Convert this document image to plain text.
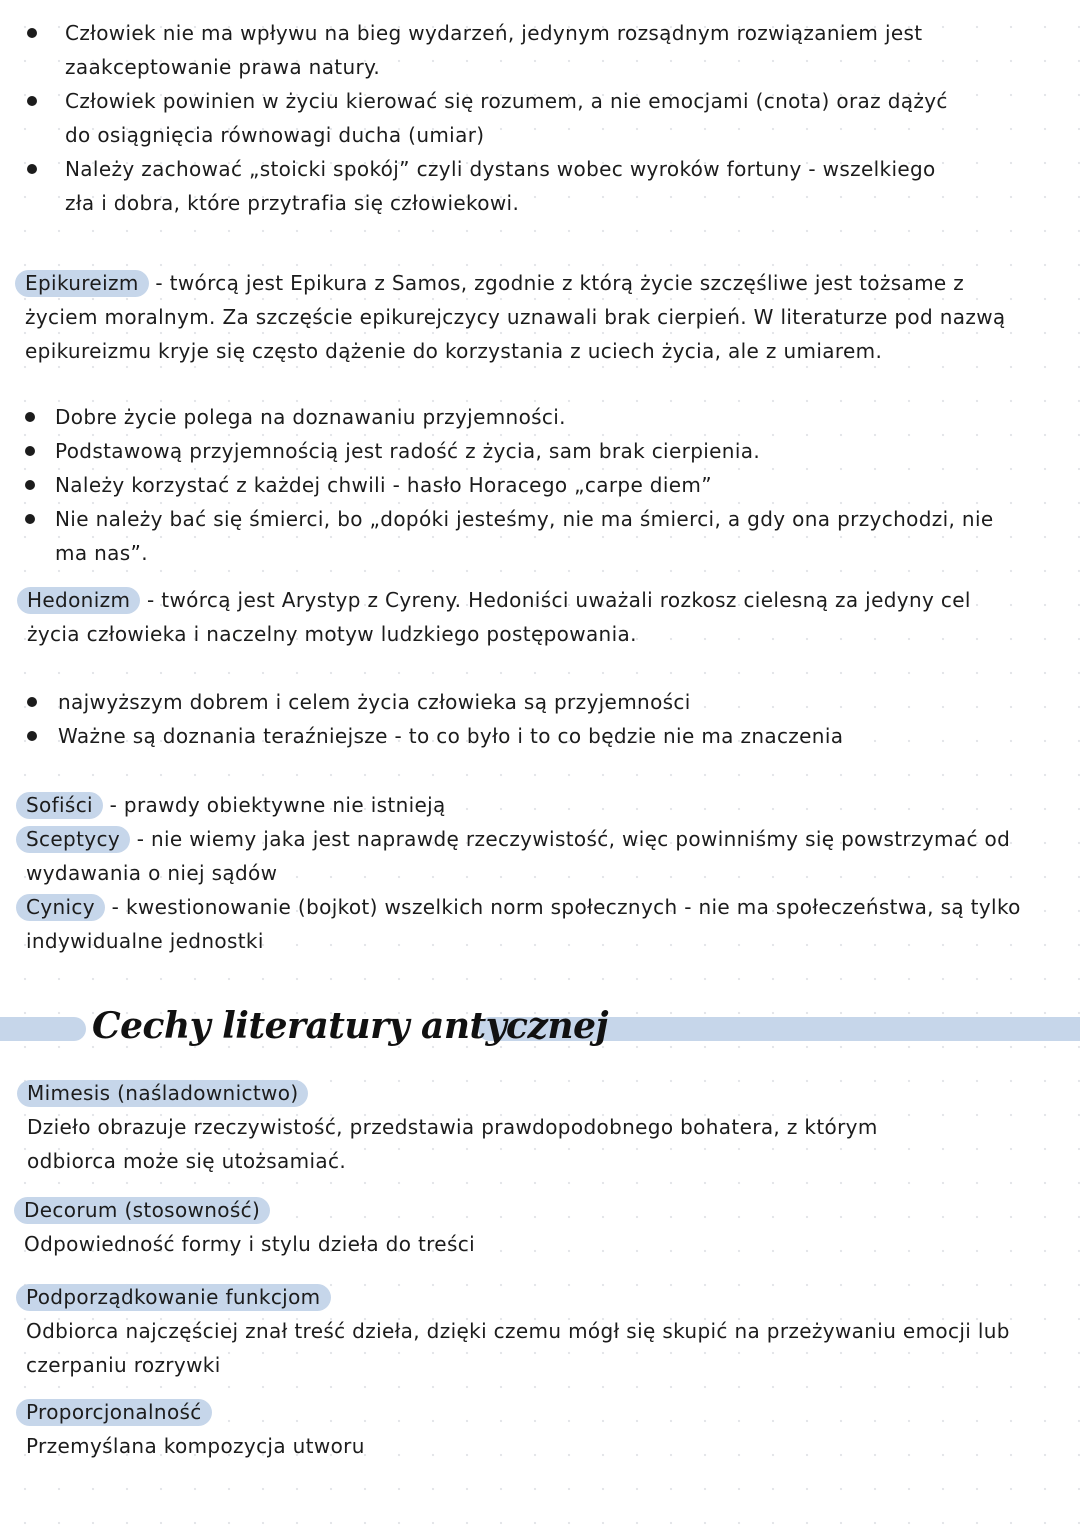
Człowiek nie ma wpływu na bieg wydarzeń, jedynym rozsądnym rozwiązaniem jest
zaakceptowanie prawa natury.
Człowiek powinien w życiu kierować się rozumem, a nie emocjami (cnota) oraz dążyć
do osiągnięcia równowagi ducha (umiar)
Należy zachować „stoicki spokój” czyli dystans wobec wyroków fortuny - wszelkiego
zła i dobra, które przytrafia się człowiekowi.
Epikureizm - twórcą jest Epikura z Samos, zgodnie z którą życie szczęśliwe jest tożsame z
życiem moralnym. Za szczęście epikurejczycy uznawali brak cierpień. W literaturze pod nazwą
epikureizmu kryje się często dążenie do korzystania z uciech życia, ale z umiarem.
Dobre życie polega na doznawaniu przyjemności.
Podstawową przyjemnością jest radość z życia, sam brak cierpienia.
Należy korzystać z każdej chwili - hasło Horacego „carpe diem”
Nie należy bać się śmierci, bo „dopóki jesteśmy, nie ma śmierci, a gdy ona przychodzi, nie
ma nas”.
Hedonizm - twórcą jest Arystyp z Cyreny. Hedoniści uważali rozkosz cielesną za jedyny cel
życia człowieka i naczelny motyw ludzkiego postępowania.
najwyższym dobrem i celem życia człowieka są przyjemności
Ważne są doznania teraźniejsze - to co było i to co będzie nie ma znaczenia
Sofiści - prawdy obiektywne nie istnieją
Sceptycy - nie wiemy jaka jest naprawdę rzeczywistość, więc powinniśmy się powstrzymać od
wydawania o niej sądów
Cynicy - kwestionowanie (bojkot) wszelkich norm społecznych - nie ma społeczeństwa, są tylko
indywidualne jednostki
Cechy literatury antycznej
Mimesis (naśladownictwo)
Dzieło obrazuje rzeczywistość, przedstawia prawdopodobnego bohatera, z którym
odbiorca może się utożsamiać.
Decorum (stosowność)
Odpowiedność formy i stylu dzieła do treści
Podporządkowanie funkcjom
Odbiorca najczęściej znał treść dzieła, dzięki czemu mógł się skupić na przeżywaniu emocji lub
czerpaniu rozrywki
Proporcjonalność
Przemyślana kompozycja utworu
